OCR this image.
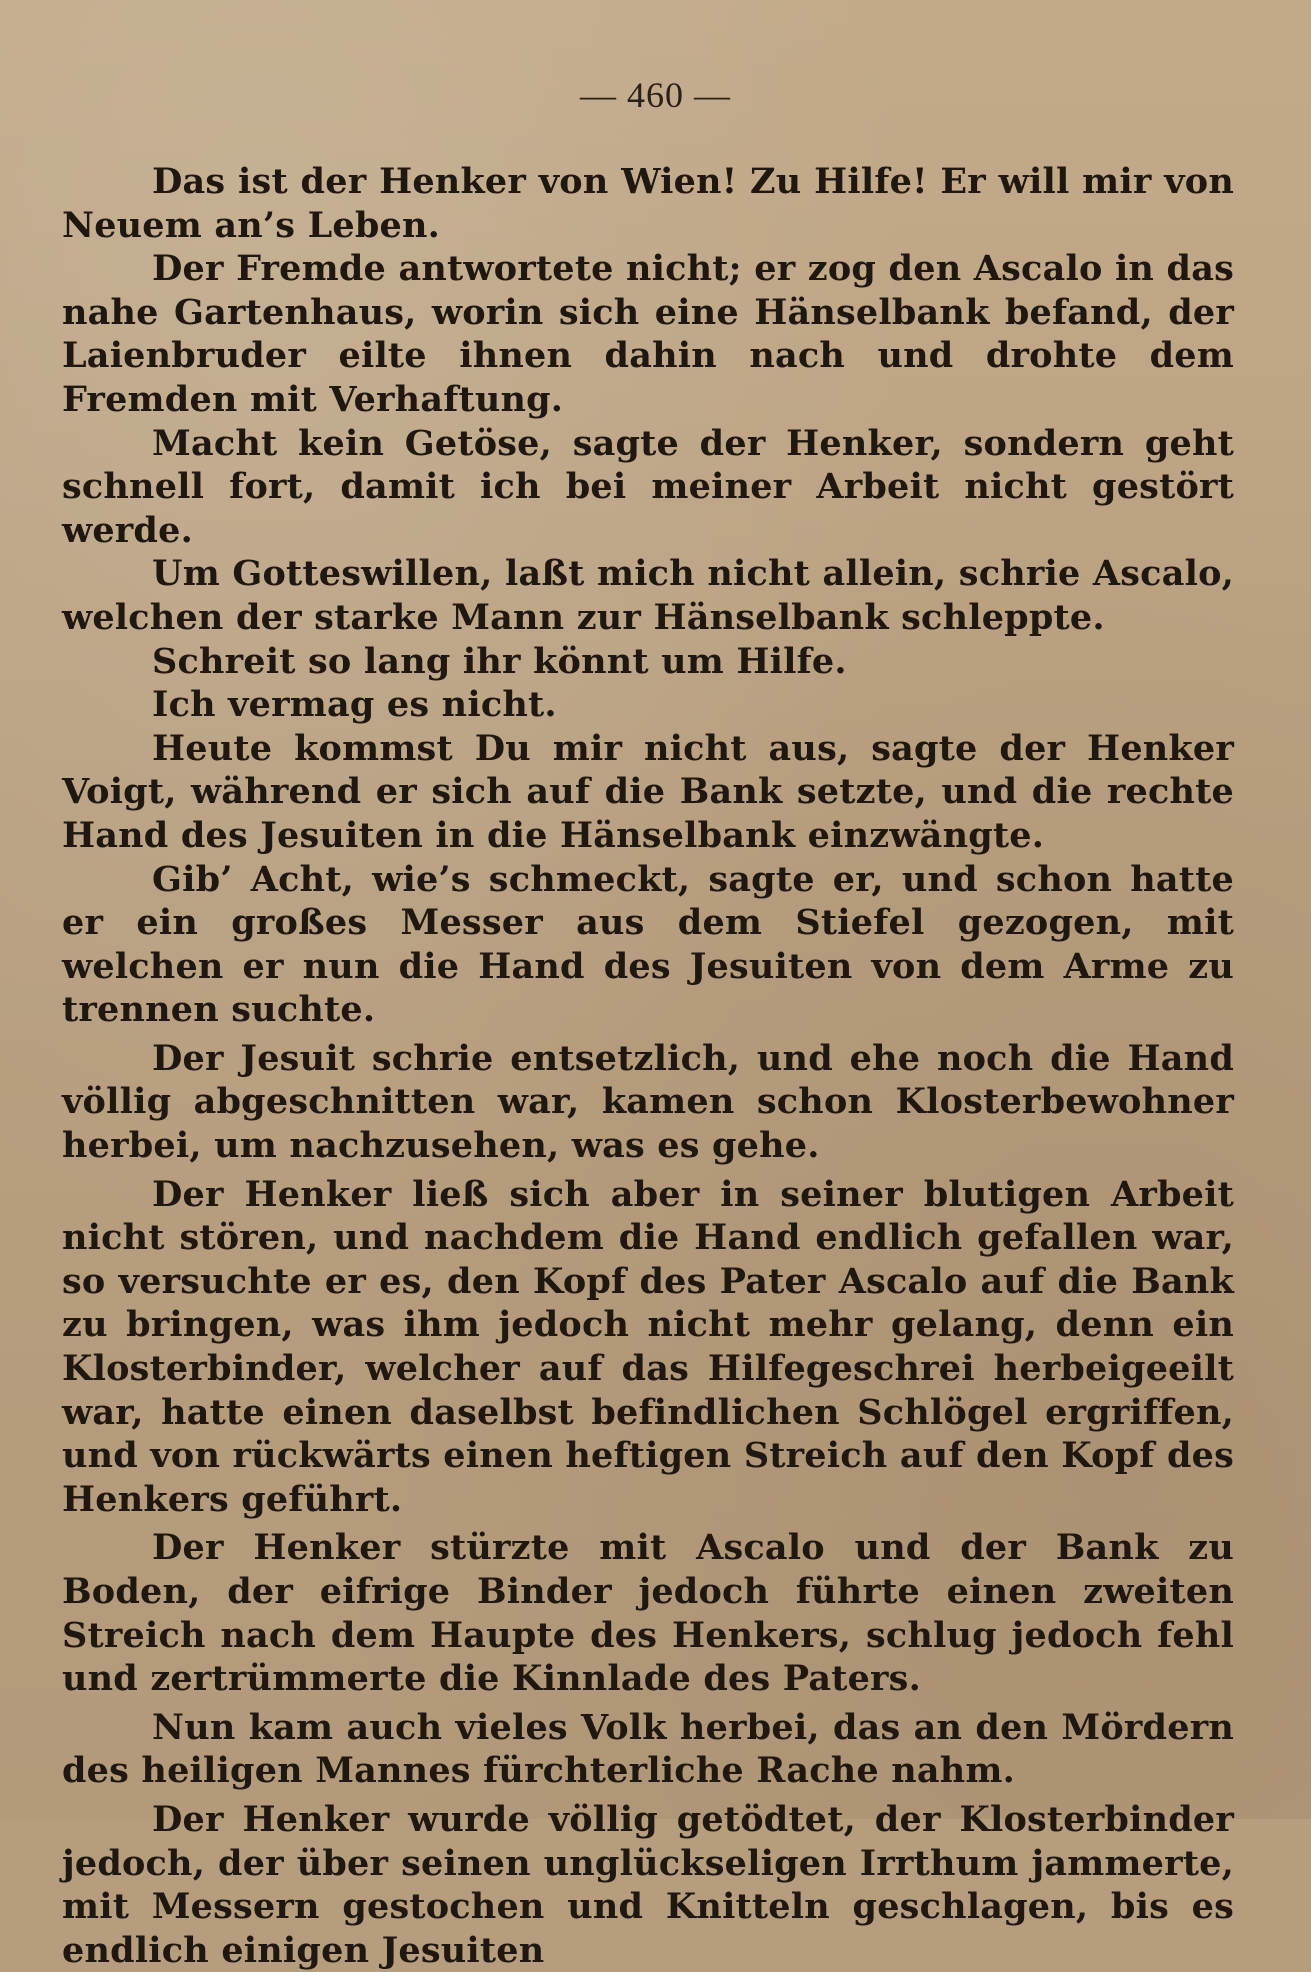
— 460 —

Das ist der Henker von Wien! Zu Hilfe! Er will mir von Neuem an’s Leben.

Der Fremde antwortete nicht; er zog den Ascalo in das nahe Gartenhaus, worin sich eine Hänselbank befand, der Laienbruder eilte ihnen dahin nach und drohte dem Fremden mit Verhaftung.

Macht kein Getöse, sagte der Henker, sondern geht schnell fort, damit ich bei meiner Arbeit nicht gestört werde.

Um Gotteswillen, laßt mich nicht allein, schrie Ascalo, welchen der starke Mann zur Hänselbank schleppte.

Schreit so lang ihr könnt um Hilfe.

Ich vermag es nicht.

Heute kommst Du mir nicht aus, sagte der Henker Voigt, während er sich auf die Bank setzte, und die rechte Hand des Jesuiten in die Hänselbank einzwängte.

Gib’ Acht, wie’s schmeckt, sagte er, und schon hatte er ein großes Messer aus dem Stiefel gezogen, mit welchen er nun die Hand des Jesuiten von dem Arme zu trennen suchte.

Der Jesuit schrie entsetzlich, und ehe noch die Hand völlig abgeschnitten war, kamen schon Klosterbewohner herbei, um nachzusehen, was es gehe.

Der Henker ließ sich aber in seiner blutigen Arbeit nicht stören, und nachdem die Hand endlich gefallen war, so versuchte er es, den Kopf des Pater Ascalo auf die Bank zu bringen, was ihm jedoch nicht mehr gelang, denn ein Klosterbinder, welcher auf das Hilfegeschrei herbeigeeilt war, hatte einen daselbst befindlichen Schlögel ergriffen, und von rückwärts einen heftigen Streich auf den Kopf des Henkers geführt.

Der Henker stürzte mit Ascalo und der Bank zu Boden, der eifrige Binder jedoch führte einen zweiten Streich nach dem Haupte des Henkers, schlug jedoch fehl und zertrümmerte die Kinnlade des Paters.

Nun kam auch vieles Volk herbei, das an den Mördern des heiligen Mannes fürchterliche Rache nahm.

Der Henker wurde völlig getödtet, der Klosterbinder jedoch, der über seinen unglückseligen Irrthum jammerte, mit Messern gestochen und Knitteln geschlagen, bis es endlich einigen Jesuiten
